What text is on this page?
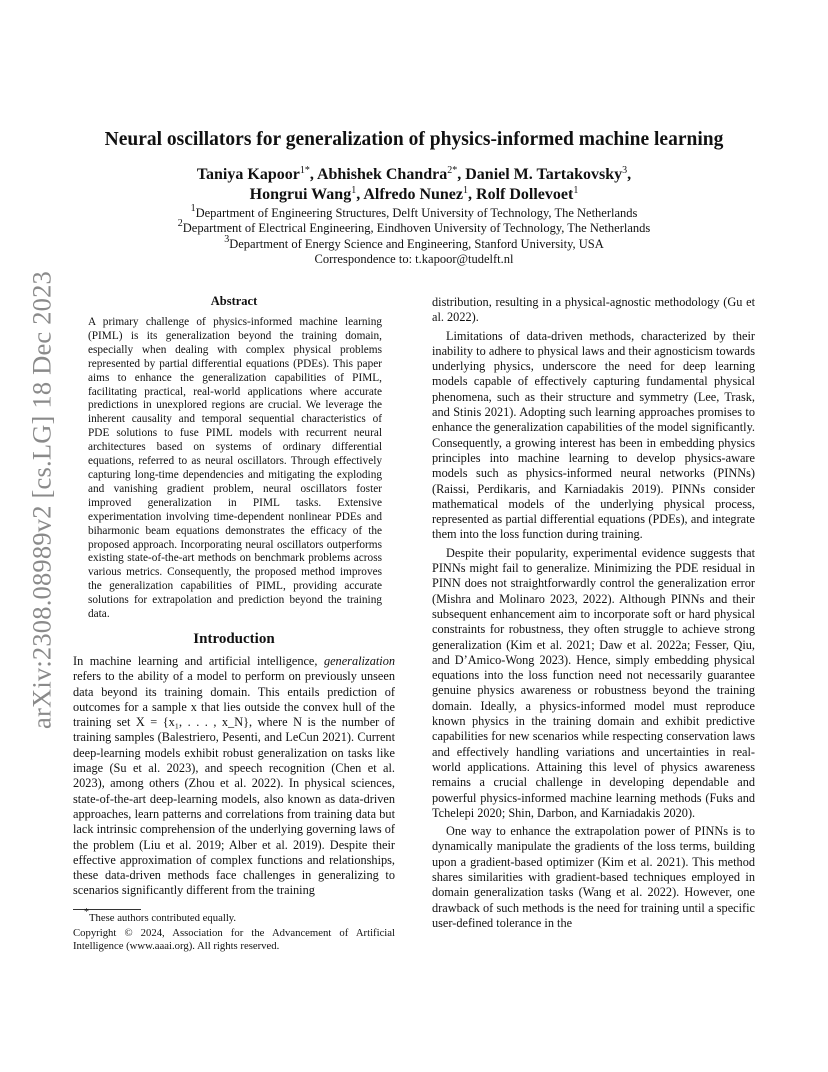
arXiv:2308.08989v2 [cs.LG] 18 Dec 2023
Neural oscillators for generalization of physics-informed machine learning
Taniya Kapoor$^{1*}$, Abhishek Chandra$^{2*}$, Daniel M. Tartakovsky$^3$,
Hongrui Wang$^1$, Alfredo Nunez$^1$, Rolf Dollevoet$^1$
$^1$Department of Engineering Structures, Delft University of Technology, The Netherlands
$^2$Department of Electrical Engineering, Eindhoven University of Technology, The Netherlands
$^3$Department of Energy Science and Engineering, Stanford University, USA
Correspondence to: t.kapoor@tudelft.nl
Abstract
A primary challenge of physics-informed machine learning (PIML) is its generalization beyond the training domain, especially when dealing with complex physical problems represented by partial differential equations (PDEs). This paper aims to enhance the generalization capabilities of PIML, facilitating practical, real-world applications where accurate predictions in unexplored regions are crucial. We leverage the inherent causality and temporal sequential characteristics of PDE solutions to fuse PIML models with recurrent neural architectures based on systems of ordinary differential equations, referred to as neural oscillators. Through effectively capturing long-time dependencies and mitigating the exploding and vanishing gradient problem, neural oscillators foster improved generalization in PIML tasks. Extensive experimentation involving time-dependent nonlinear PDEs and biharmonic beam equations demonstrates the efficacy of the proposed approach. Incorporating neural oscillators outperforms existing state-of-the-art methods on benchmark problems across various metrics. Consequently, the proposed method improves the generalization capabilities of PIML, providing accurate solutions for extrapolation and prediction beyond the training data.
Introduction

In machine learning and artificial intelligence, generalization refers to the ability of a model to perform on previously unseen data beyond its training domain. This entails prediction of outcomes for a sample x that lies outside the convex hull of the training set X = {x₁, . . . , x_N}, where N is the number of training samples (Balestriero, Pesenti, and LeCun 2021). Current deep-learning models exhibit robust generalization on tasks like image (Su et al. 2023), and speech recognition (Chen et al. 2023), among others (Zhou et al. 2022). In physical sciences, state-of-the-art deep-learning models, also known as data-driven approaches, learn patterns and correlations from training data but lack intrinsic comprehension of the underlying governing laws of the problem (Liu et al. 2019; Alber et al. 2019). Despite their effective approximation of complex functions and relationships, these data-driven methods face challenges in generalizing to scenarios significantly different from the training

*These authors contributed equally.
Copyright © 2024, Association for the Advancement of Artificial Intelligence (www.aaai.org). All rights reserved.

distribution, resulting in a physical-agnostic methodology (Gu et al. 2022).

Limitations of data-driven methods, characterized by their inability to adhere to physical laws and their agnosticism towards underlying physics, underscore the need for deep learning models capable of effectively capturing fundamental physical phenomena, such as their structure and symmetry (Lee, Trask, and Stinis 2021). Adopting such learning approaches promises to enhance the generalization capabilities of the model significantly. Consequently, a growing interest has been in embedding physics principles into machine learning to develop physics-aware models such as physics-informed neural networks (PINNs) (Raissi, Perdikaris, and Karniadakis 2019). PINNs consider mathematical models of the underlying physical process, represented as partial differential equations (PDEs), and integrate them into the loss function during training.

Despite their popularity, experimental evidence suggests that PINNs might fail to generalize. Minimizing the PDE residual in PINN does not straightforwardly control the generalization error (Mishra and Molinaro 2023, 2022). Although PINNs and their subsequent enhancement aim to incorporate soft or hard physical constraints for robustness, they often struggle to achieve strong generalization (Kim et al. 2021; Daw et al. 2022a; Fesser, Qiu, and D’Amico-Wong 2023). Hence, simply embedding physical equations into the loss function need not necessarily guarantee genuine physics awareness or robustness beyond the training domain. Ideally, a physics-informed model must reproduce known physics in the training domain and exhibit predictive capabilities for new scenarios while respecting conservation laws and effectively handling variations and uncertainties in real-world applications. Attaining this level of physics awareness remains a crucial challenge in developing dependable and powerful physics-informed machine learning methods (Fuks and Tchelepi 2020; Shin, Darbon, and Karniadakis 2020).

One way to enhance the extrapolation power of PINNs is to dynamically manipulate the gradients of the loss terms, building upon a gradient-based optimizer (Kim et al. 2021). This method shares similarities with gradient-based techniques employed in domain generalization tasks (Wang et al. 2022). However, one drawback of such methods is the need for training until a specific user-defined tolerance in the
